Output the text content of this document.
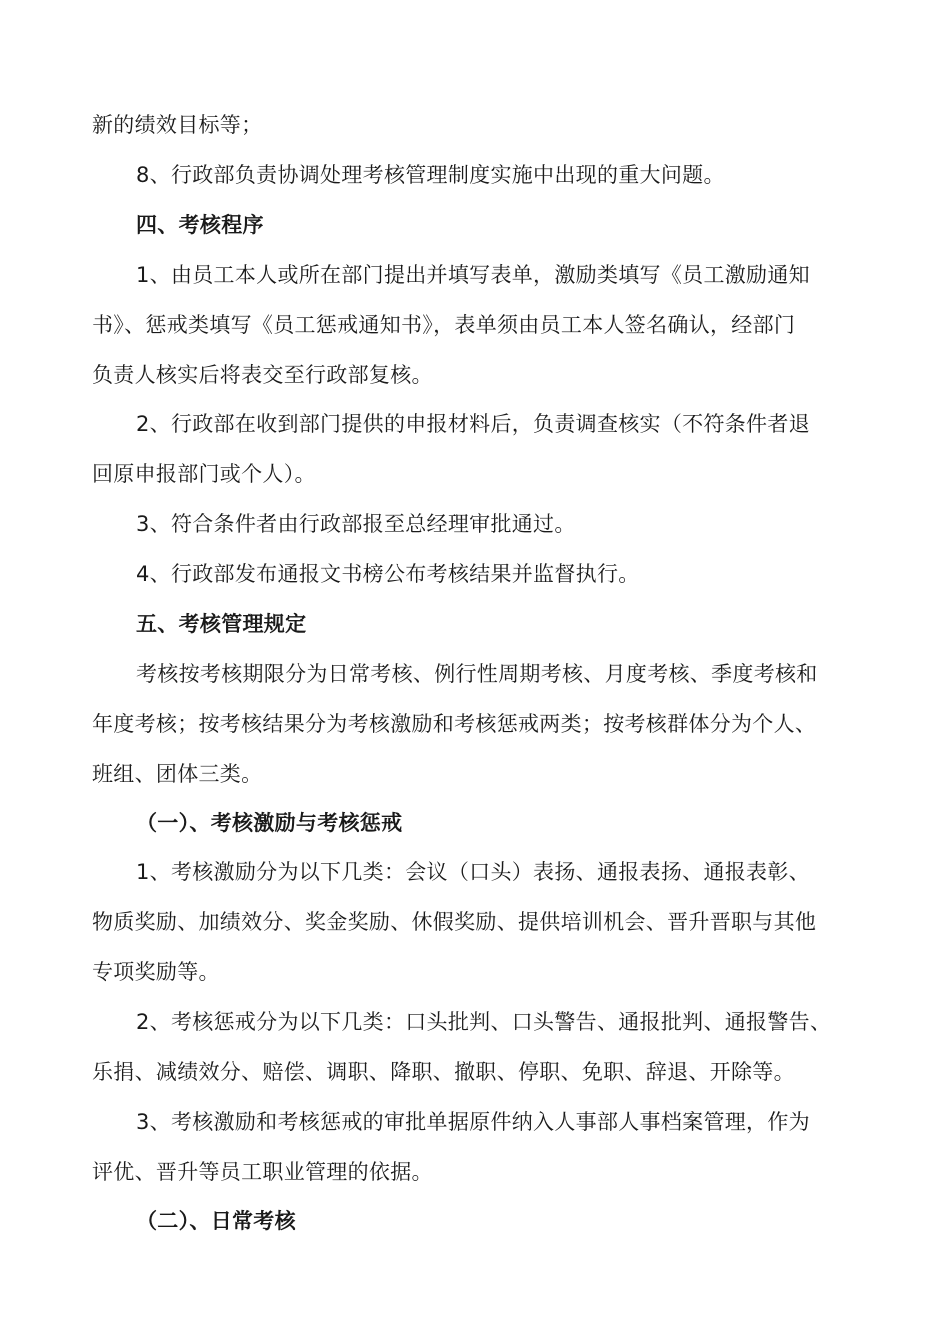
新的绩效目标等；
8、行政部负责协调处理考核管理制度实施中出现的重大问题。
四、考核程序
1、由员工本人或所在部门提出并填写表单，激励类填写《员工激励通知
书》、惩戒类填写《员工惩戒通知书》，表单须由员工本人签名确认，经部门
负责人核实后将表交至行政部复核。
2、行政部在收到部门提供的申报材料后，负责调查核实（不符条件者退
回原申报部门或个人）。
3、符合条件者由行政部报至总经理审批通过。
4、行政部发布通报文书榜公布考核结果并监督执行。
五、考核管理规定
考核按考核期限分为日常考核、例行性周期考核、月度考核、季度考核和
年度考核；按考核结果分为考核激励和考核惩戒两类；按考核群体分为个人、
班组、团体三类。
（一）、考核激励与考核惩戒
1、考核激励分为以下几类：会议（口头）表扬、通报表扬、通报表彰、
物质奖励、加绩效分、奖金奖励、休假奖励、提供培训机会、晋升晋职与其他
专项奖励等。
2、考核惩戒分为以下几类：口头批判、口头警告、通报批判、通报警告、
乐捐、减绩效分、赔偿、调职、降职、撤职、停职、免职、辞退、开除等。
3、考核激励和考核惩戒的审批单据原件纳入人事部人事档案管理，作为
评优、晋升等员工职业管理的依据。
（二）、日常考核
